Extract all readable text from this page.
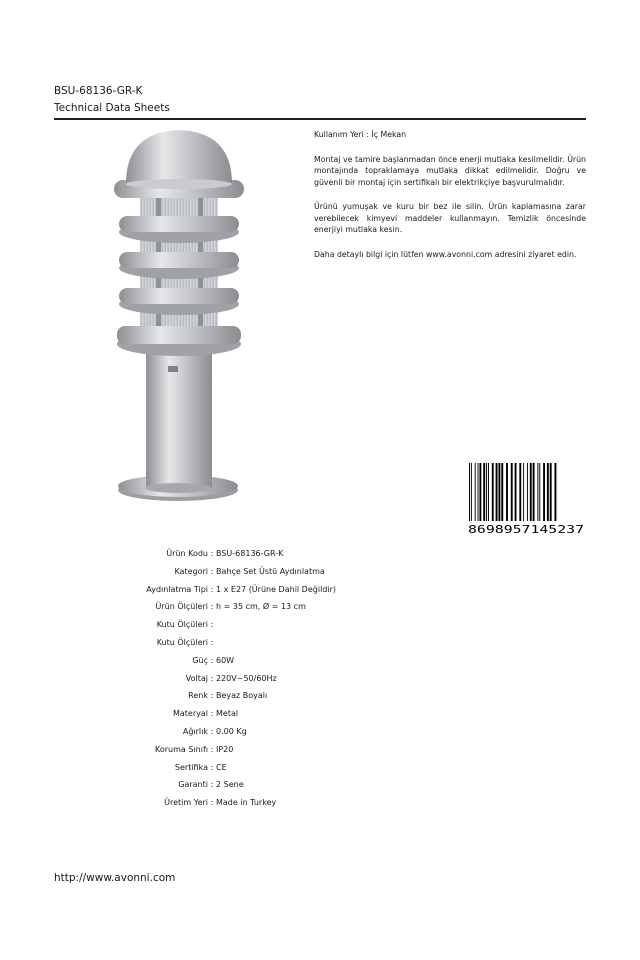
BSU-68136-GR-K
Technical Data Sheets

Kullanım Yeri : İç Mekan

Montaj ve tamire başlanmadan önce enerji mutlaka kesilmelidir. Ürün montajında topraklamaya mutlaka dikkat edilmelidir. Doğru ve güvenli bir montaj için sertifikalı bir elektrikçiye başvurulmalıdır.

Ürünü yumuşak ve kuru bir bez ile silin. Ürün kaplamasına zarar verebilecek kimyevi maddeler kullanmayın. Temizlik öncesinde enerjiyi mutlaka kesin.

Daha detaylı bilgi için lütfen www.avonni.com adresini ziyaret edin.

8698957145237
Ürün Kodu : BSU-68136-GR-K
Kategori : Bahçe Set Üstü Aydınlatma
Aydınlatma Tipi : 1 x E27 (Ürüne Dahil Değildir)
Ürün Ölçüleri : h = 35 cm, Ø = 13 cm
Kutu Ölçüleri :
Kutu Ölçüleri :
Güç : 60W
Voltaj : 220V~50/60Hz
Renk : Beyaz Boyalı
Materyal : Metal
Ağırlık : 0.00 Kg
Koruma Sınıfı : IP20
Sertifika : CE
Garanti : 2 Sene
Üretim Yeri : Made in Turkey
http://www.avonni.com
